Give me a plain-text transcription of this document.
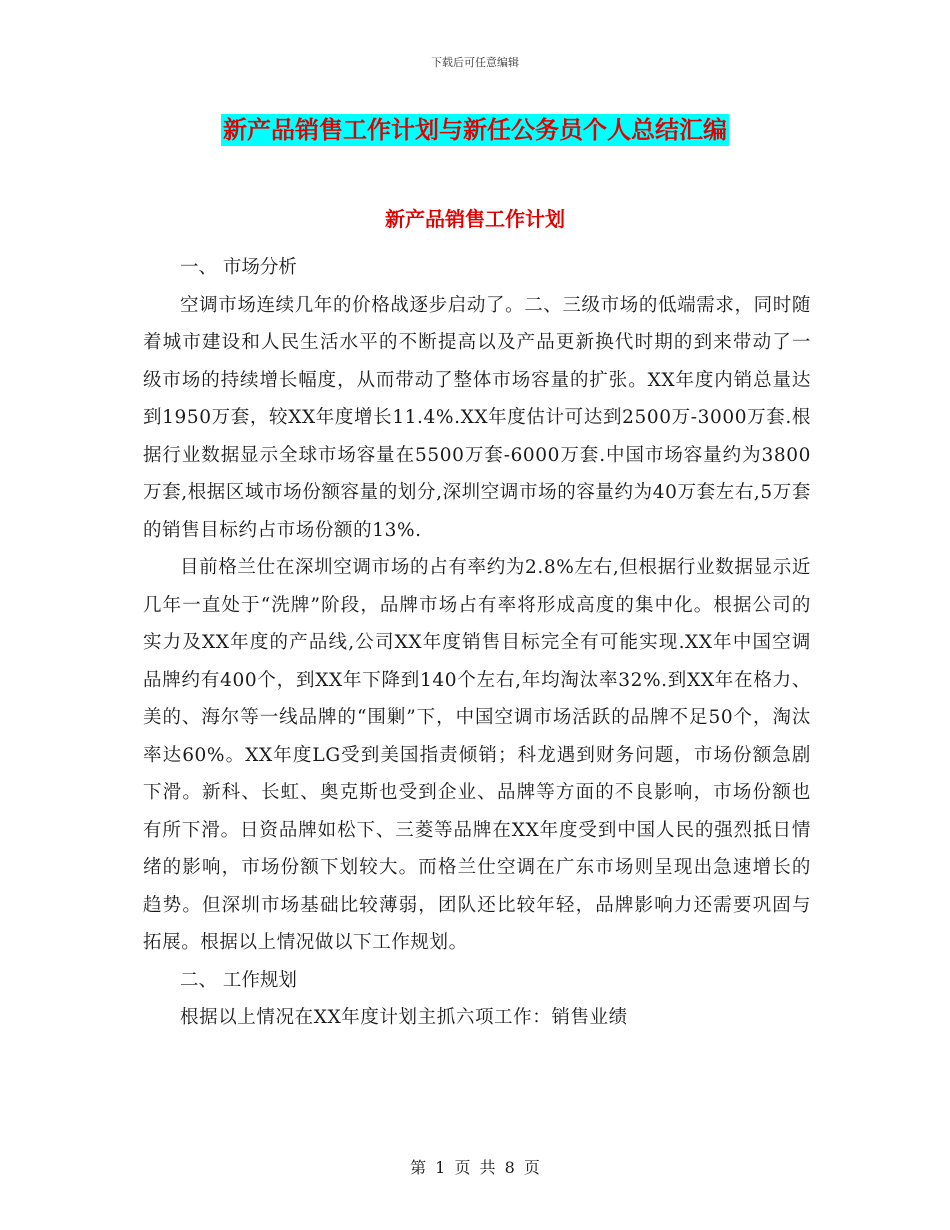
下载后可任意编辑
新产品销售工作计划与新任公务员个人总结汇编
新产品销售工作计划
一、 市场分析

空调市场连续几年的价格战逐步启动了。二、三级市场的低端需求，同时随着城市建设和人民生活水平的不断提高以及产品更新换代时期的到来带动了一级市场的持续增长幅度，从而带动了整体市场容量的扩张。XX年度内销总量达到1950万套，较XX年度增长11.4%.XX年度估计可达到2500万-3000万套.根据行业数据显示全球市场容量在5500万套-6000万套.中国市场容量约为3800万套,根据区域市场份额容量的划分,深圳空调市场的容量约为40万套左右,5万套的销售目标约占市场份额的13%.

目前格兰仕在深圳空调市场的占有率约为2.8%左右,但根据行业数据显示近几年一直处于“洗牌”阶段，品牌市场占有率将形成高度的集中化。根据公司的实力及XX年度的产品线,公司XX年度销售目标完全有可能实现.XX年中国空调品牌约有400个，到XX年下降到140个左右,年均淘汰率32%.到XX年在格力、美的、海尔等一线品牌的“围剿”下，中国空调市场活跃的品牌不足50个，淘汰率达60%。XX年度LG受到美国指责倾销；科龙遇到财务问题，市场份额急剧下滑。新科、长虹、奥克斯也受到企业、品牌等方面的不良影响，市场份额也有所下滑。日资品牌如松下、三菱等品牌在XX年度受到中国人民的强烈抵日情绪的影响，市场份额下划较大。而格兰仕空调在广东市场则呈现出急速增长的趋势。但深圳市场基础比较薄弱，团队还比较年轻，品牌影响力还需要巩固与拓展。根据以上情况做以下工作规划。

二、 工作规划

根据以上情况在XX年度计划主抓六项工作：销售业绩

第 1 页 共 8 页
